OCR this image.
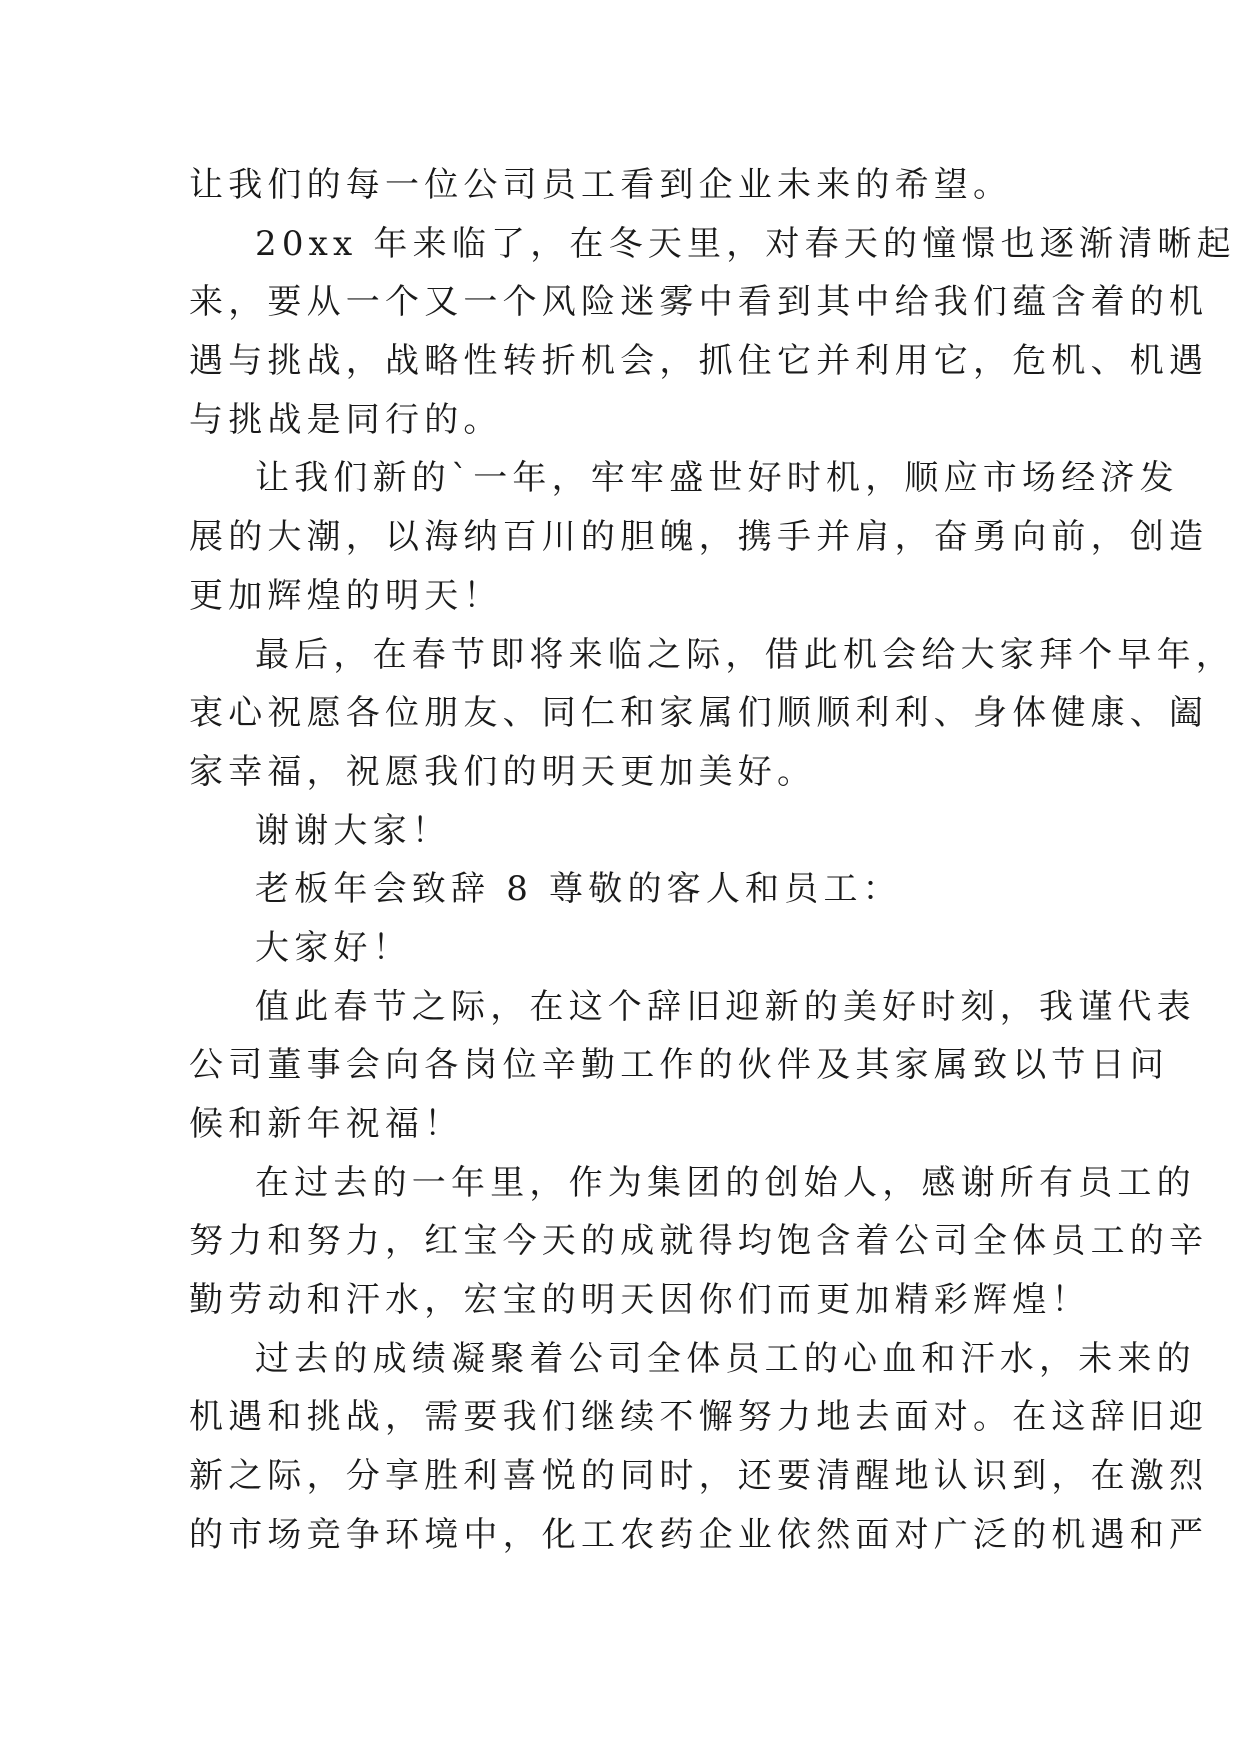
让我们的每一位公司员工看到企业未来的希望。
20xx 年来临了，在冬天里，对春天的憧憬也逐渐清晰起
来，要从一个又一个风险迷雾中看到其中给我们蕴含着的机
遇与挑战，战略性转折机会，抓住它并利用它，危机、机遇
与挑战是同行的。
让我们新的`一年，牢牢盛世好时机，顺应市场经济发
展的大潮，以海纳百川的胆魄，携手并肩，奋勇向前，创造
更加辉煌的明天！
最后，在春节即将来临之际，借此机会给大家拜个早年，
衷心祝愿各位朋友、同仁和家属们顺顺利利、身体健康、阖
家幸福，祝愿我们的明天更加美好。
谢谢大家！
老板年会致辞 8 尊敬的客人和员工：
大家好！
值此春节之际，在这个辞旧迎新的美好时刻，我谨代表
公司董事会向各岗位辛勤工作的伙伴及其家属致以节日问
候和新年祝福！
在过去的一年里，作为集团的创始人，感谢所有员工的
努力和努力，红宝今天的成就得均饱含着公司全体员工的辛
勤劳动和汗水，宏宝的明天因你们而更加精彩辉煌！
过去的成绩凝聚着公司全体员工的心血和汗水，未来的
机遇和挑战，需要我们继续不懈努力地去面对。在这辞旧迎
新之际，分享胜利喜悦的同时，还要清醒地认识到，在激烈
的市场竞争环境中，化工农药企业依然面对广泛的机遇和严
